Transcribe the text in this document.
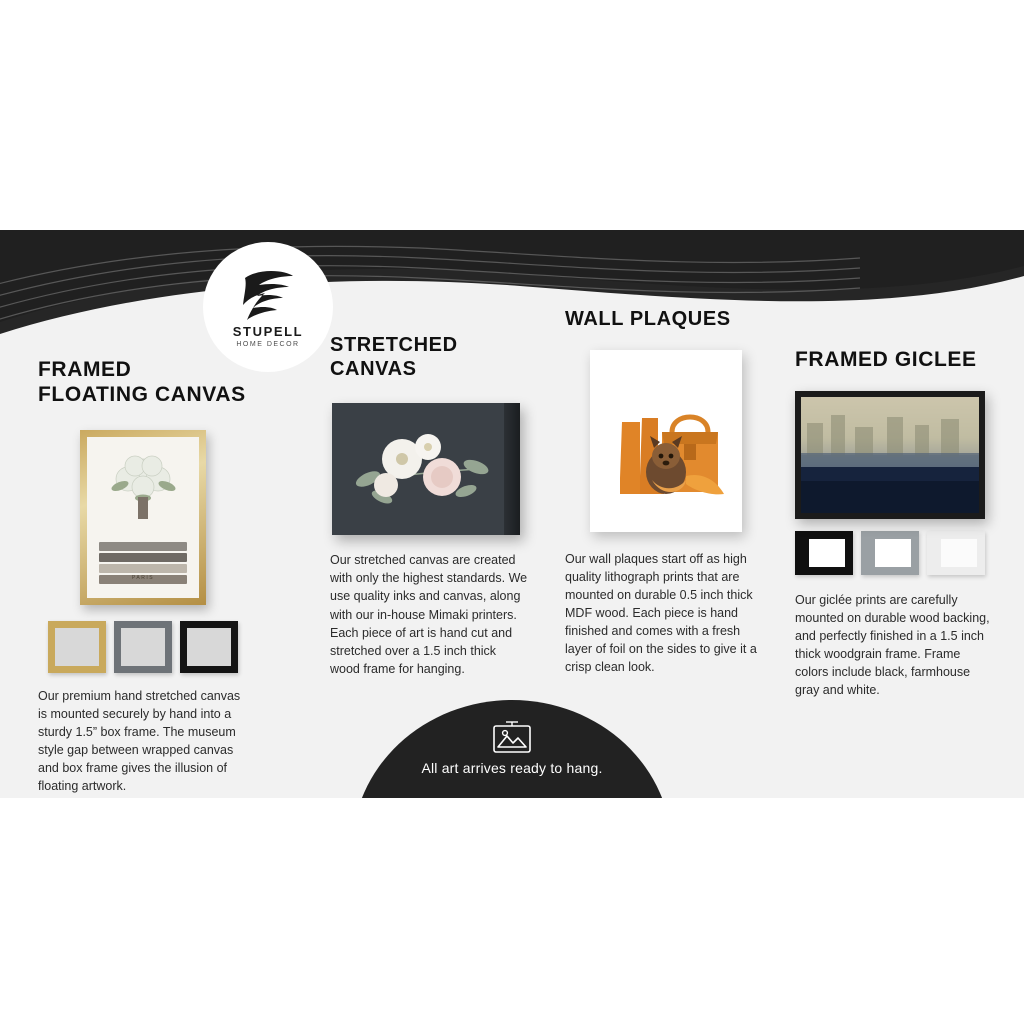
STUPELL
HOME DECOR
FRAMED
FLOATING CANVAS
PARIS
Our premium hand stretched canvas is mounted securely by hand into a sturdy 1.5” box frame. The museum style gap between wrapped canvas and box frame gives the illusion of floating artwork.
STRETCHED
CANVAS
Our stretched canvas are created with only the highest standards. We use quality inks and canvas, along with our in-house Mimaki printers. Each piece of art is hand cut and stretched over a 1.5 inch thick wood frame for hanging.
WALL PLAQUES
Our wall plaques start off as high quality lithograph prints that are mounted on durable 0.5 inch thick MDF wood. Each piece is hand finished and comes with a fresh layer of foil on the sides to give it a crisp clean look.
FRAMED GICLEE
Our giclée prints are carefully mounted on durable wood backing, and perfectly finished in a 1.5 inch thick woodgrain frame. Frame colors include black, farmhouse gray and white.
All art arrives ready to hang.
